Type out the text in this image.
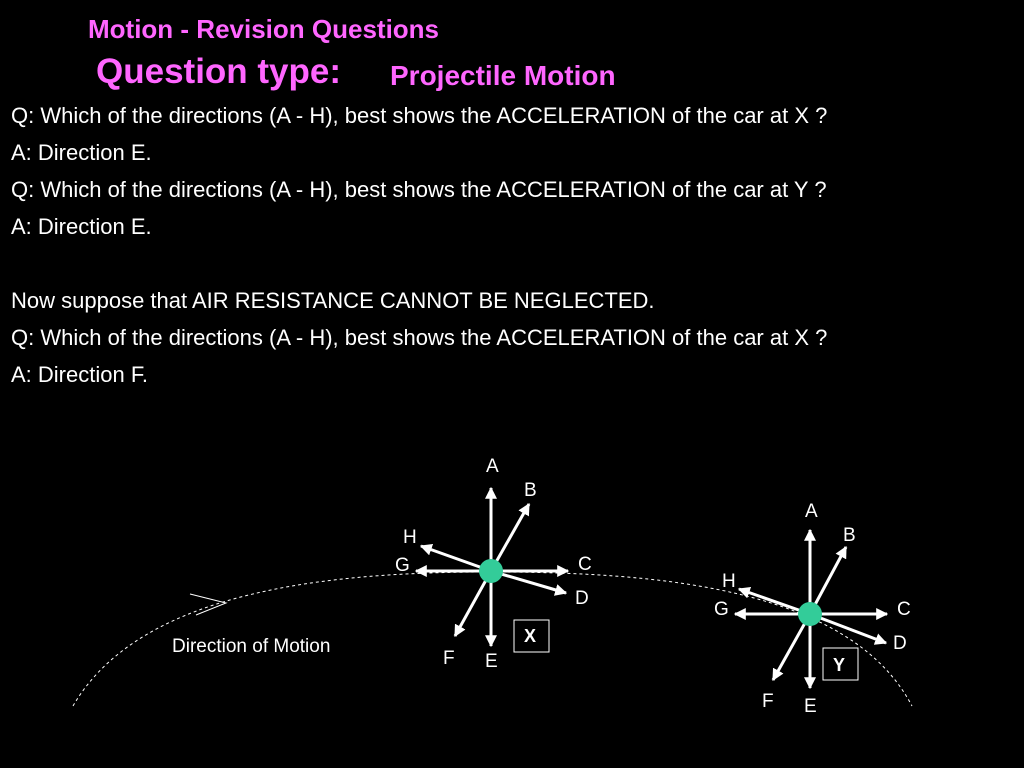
Motion - Revision Questions
Question type: Projectile Motion
Q: Which of the directions (A - H), best shows the ACCELERATION of the car at X ?
A: Direction E.
Q: Which of the directions (A - H), best shows the ACCELERATION of the car at Y ?
A: Direction E.
Now suppose that AIR RESISTANCE CANNOT BE NEGLECTED.
Q: Which of the directions (A - H), best shows the ACCELERATION of the car at X ?
A: Direction F.
Direction of Motion
A
B
C
D
E
F
G
H
X
A
B
C
D
E
F
G
H
Y
